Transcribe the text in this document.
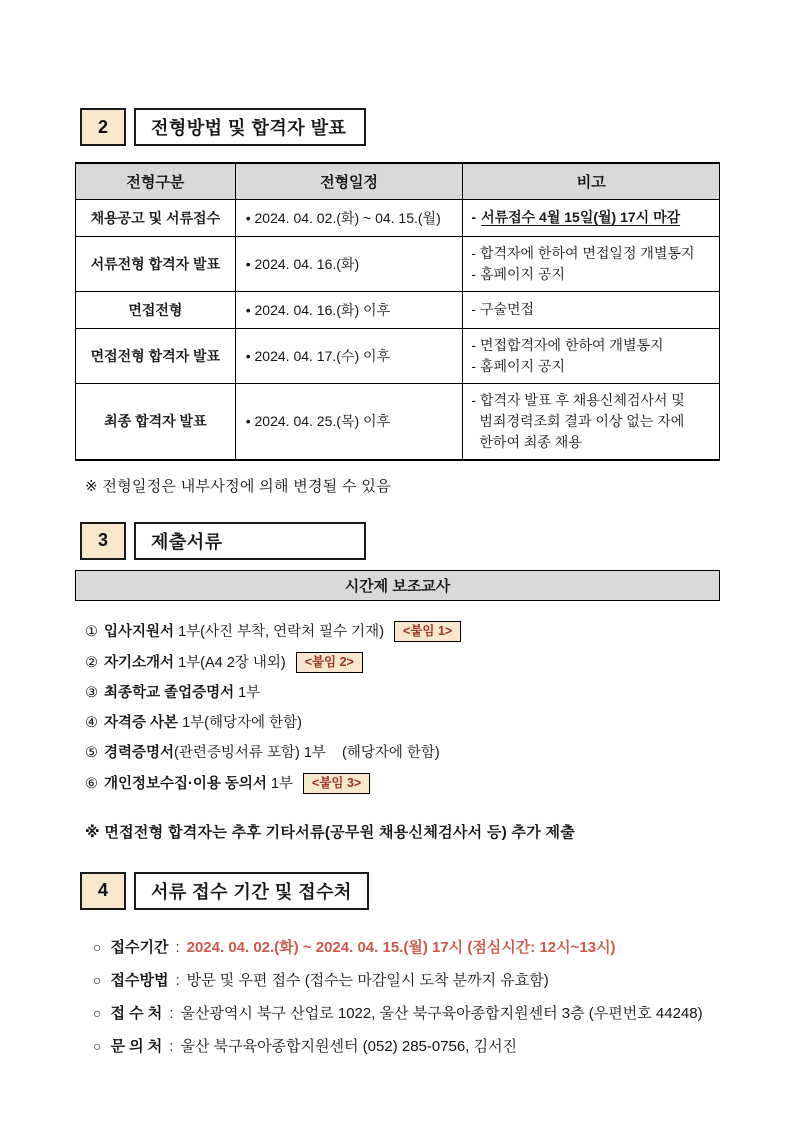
2	전형방법 및 합격자 발표
전형구분	전형일정	비고
채용공고 및 서류접수	• 2024. 04. 02.(화) ~ 04. 15.(월)	- 서류접수 4월 15일(월) 17시 마감

서류전형 합격자 발표	• 2024. 04. 16.(화)	- 합격자에 한하여 면접일정 개별통지
- 홈페이지 공지

면접전형	• 2024. 04. 16.(화) 이후	- 구술면접

면접전형 합격자 발표	• 2024. 04. 17.(수) 이후	- 면접합격자에 한하여 개별통지
- 홈페이지 공지

최종 합격자 발표	• 2024. 04. 25.(목) 이후	- 합격자 발표 후 채용신체검사서 및
범죄경력조회 결과 이상 없는 자에
한하여 최종 채용

※ 전형일정은 내부사정에 의해 변경될 수 있음

3	제출서류
시간제 보조교사
① 입사지원서 1부(사진 부착, 연락처 필수 기재) <붙임 1>
② 자기소개서 1부(A4 2장 내외) <붙임 2>
③ 최종학교 졸업증명서 1부
④ 자격증 사본 1부(해당자에 한함)
⑤ 경력증명서(관련증빙서류 포함) 1부    (해당자에 한함)
⑥ 개인정보수집·이용 동의서 1부 <붙임 3>

※ 면접전형 합격자는 추후 기타서류(공무원 채용신체검사서 등) 추가 제출

4	서류 접수 기간 및 접수처
○ 접수기간 : 2024. 04. 02.(화) ~ 2024. 04. 15.(월) 17시 (점심시간: 12시~13시)
○ 접수방법 : 방문 및 우편 접수 (접수는 마감일시 도착 분까지 유효함)
○ 접 수 처 : 울산광역시 북구 산업로 1022, 울산 북구육아종합지원센터 3층 (우편번호 44248)
○ 문 의 처 : 울산 북구육아종합지원센터 (052) 285-0756, 김서진
